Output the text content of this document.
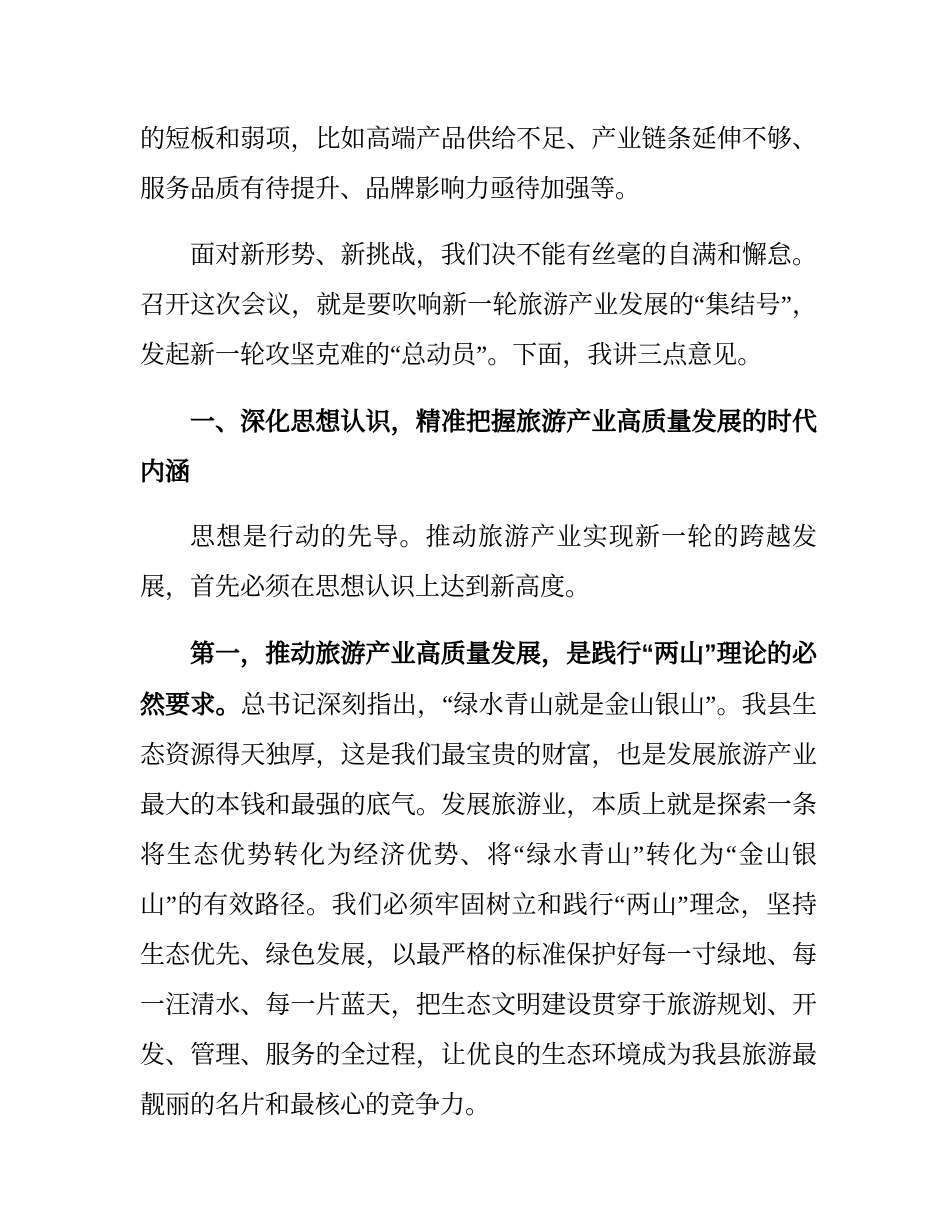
的短板和弱项，比如高端产品供给不足、产业链条延伸不够、服务品质有待提升、品牌影响力亟待加强等。

面对新形势、新挑战，我们决不能有丝毫的自满和懈怠。召开这次会议，就是要吹响新一轮旅游产业发展的“集结号”，发起新一轮攻坚克难的“总动员”。下面，我讲三点意见。

一、深化思想认识，精准把握旅游产业高质量发展的时代内涵

思想是行动的先导。推动旅游产业实现新一轮的跨越发展，首先必须在思想认识上达到新高度。

第一，推动旅游产业高质量发展，是践行“两山”理论的必然要求。总书记深刻指出，“绿水青山就是金山银山”。我县生态资源得天独厚，这是我们最宝贵的财富，也是发展旅游产业最大的本钱和最强的底气。发展旅游业，本质上就是探索一条将生态优势转化为经济优势、将“绿水青山”转化为“金山银山”的有效路径。我们必须牢固树立和践行“两山”理念，坚持生态优先、绿色发展，以最严格的标准保护好每一寸绿地、每一汪清水、每一片蓝天，把生态文明建设贯穿于旅游规划、开发、管理、服务的全过程，让优良的生态环境成为我县旅游最靓丽的名片和最核心的竞争力。
